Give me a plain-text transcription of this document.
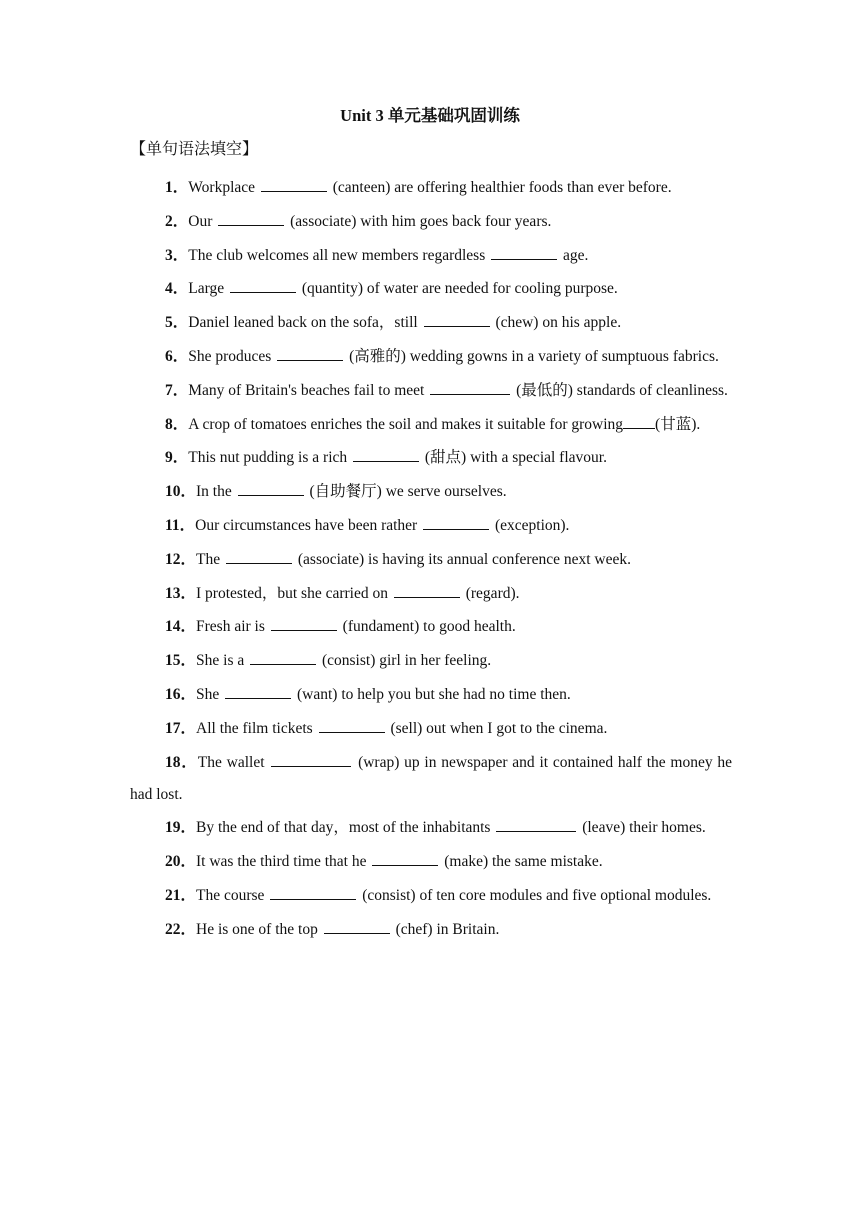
Unit 3 单元基础巩固训练
【单句语法填空】

1．Workplace	(canteen) are offering healthier foods than ever before.

2．Our	(associate) with him goes back four years.

3．The club welcomes all new members regardless	age.

4．Large	(quantity) of water are needed for cooling purpose.

5．Daniel leaned back on the sofa，still	(chew) on his apple.

6．She produces	(高雅的) wedding gowns in a variety of sumptuous fabrics.

7．Many of Britain's beaches fail to meet	(最低的) standards of cleanliness.

8．A crop of tomatoes enriches the soil and makes it suitable for growing (甘蓝).

9．This nut pudding is a rich	(甜点) with a special flavour.

10．In the	(自助餐厅) we serve ourselves.

11．Our circumstances have been rather	(exception).

12．The	(associate) is having its annual conference next week.

13．I protested，but she carried on	(regard).

14．Fresh air is	(fundament) to good health.

15．She is a	(consist) girl in her feeling.

16．She	(want) to help you but she had no time then.

17．All the film tickets	(sell) out when I got to the cinema.

18．The wallet	(wrap) up in newspaper and it contained half the money he had lost.

19．By the end of that day，most of the inhabitants	(leave) their homes.

20．It was the third time that he	(make) the same mistake.

21．The course	(consist) of ten core modules and five optional modules.

22．He is one of the top	(chef) in Britain.
